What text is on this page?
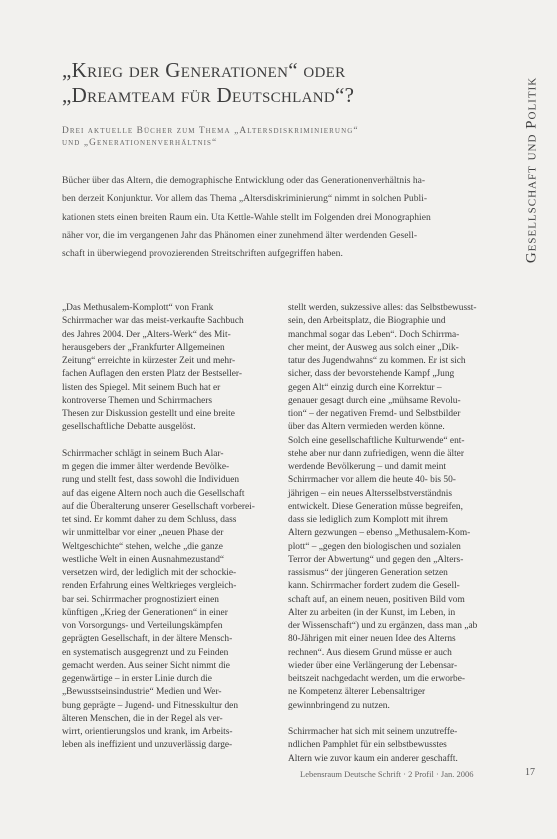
„Krieg der Generationen“ oder
„Dreamteam für Deutschland“?
Drei aktuelle Bücher zum Thema „Altersdiskriminierung“
und „Generationenverhältnis“	Gesellschaft und Politik
Bücher über das Altern, die demographische Entwicklung oder das Generationenverhältnis ha-
ben derzeit Konjunktur. Vor allem das Thema „Altersdiskriminierung“ nimmt in solchen Publi-
kationen stets einen breiten Raum ein. Uta Kettle-Wahle stellt im Folgenden drei Monographien
näher vor, die im vergangenen Jahr das Phänomen einer zunehmend älter werdenden Gesell-
schaft in überwiegend provozierenden Streitschriften aufgegriffen haben.
„Das Methusalem-Komplott“ von Frank
Schirrmacher war das meist-verkaufte Sachbuch
des Jahres 2004. Der „Alters-Werk“ des Mit-
herausgebers der „Frankfurter Allgemeinen
Zeitung“ erreichte in kürzester Zeit und mehr-
fachen Auflagen den ersten Platz der Bestseller-
listen des Spiegel. Mit seinem Buch hat er
kontroverse Themen und Schirrmachers
Thesen zur Diskussion gestellt und eine breite
gesellschaftliche Debatte ausgelöst.
Schirrmacher schlägt in seinem Buch Alar-
m gegen die immer älter werdende Bevölke-
rung und stellt fest, dass sowohl die Individuen
auf das eigene Altern noch auch die Gesellschaft
auf die Überalterung unserer Gesellschaft vorberei-
tet sind. Er kommt daher zu dem Schluss, dass
wir unmittelbar vor einer „neuen Phase der
Weltgeschichte“ stehen, welche „die ganze
westliche Welt in einen Ausnahmezustand“
versetzen wird, der lediglich mit der schockie-
renden Erfahrung eines Weltkrieges vergleich-
bar sei. Schirrmacher prognostiziert einen
künftigen „Krieg der Generationen“ in einer
von Vorsorgungs- und Verteilungskämpfen
geprägten Gesellschaft, in der ältere Mensch-
en systematisch ausgegrenzt und zu Feinden
gemacht werden. Aus seiner Sicht nimmt die
gegenwärtige – in erster Linie durch die
„Bewusstseinsindustrie“ Medien und Wer-
bung geprägte – Jugend- und Fitnesskultur den
älteren Menschen, die in der Regel als ver-
wirrt, orientierungslos und krank, im Arbeits-
leben als ineffizient und unzuverlässig darge-
stellt werden, sukzessive alles: das Selbstbewusst-
sein, den Arbeitsplatz, die Biographie und
manchmal sogar das Leben“. Doch Schirrma-
cher meint, der Ausweg aus solch einer „Dik-
tatur des Jugendwahns“ zu kommen. Er ist sich
sicher, dass der bevorstehende Kampf „Jung
gegen Alt“ einzig durch eine Korrektur –
genauer gesagt durch eine „mühsame Revolu-
tion“ – der negativen Fremd- und Selbstbilder
über das Altern vermieden werden könne.
Solch eine gesellschaftliche Kulturwende“ ent-
stehe aber nur dann zufriedigen, wenn die älter
werdende Bevölkerung – und damit meint
Schirrmacher vor allem die heute 40- bis 50-
jährigen – ein neues Altersselbstverständnis
entwickelt. Diese Generation müsse begreifen,
dass sie lediglich zum Komplott mit ihrem
Altern gezwungen – ebenso „Methusalem-Kom-
plott“ – „gegen den biologischen und sozialen
Terror der Abwertung“ und gegen den „Alters-
rassismus“ der jüngeren Generation setzen
kann. Schirrmacher fordert zudem die Gesell-
schaft auf, an einem neuen, positiven Bild vom
Alter zu arbeiten (in der Kunst, im Leben, in
der Wissenschaft“) und zu ergänzen, dass man „ab
80-Jährigen mit einer neuen Idee des Alterns
rechnen“. Aus diesem Grund müsse er auch
wieder über eine Verlängerung der Lebensar-
beitszeit nachgedacht werden, um die erworbe-
ne Kompetenz älterer Lebensaltriger
gewinnbringend zu nutzen.
Schirrmacher hat sich mit seinem unzutreffe-
ndlichen Pamphlet für ein selbstbewusstes
Altern wie zuvor kaum ein anderer geschafft.
Lebensraum Deutsche Schrift · 2 Profil · Jan. 2006	17
